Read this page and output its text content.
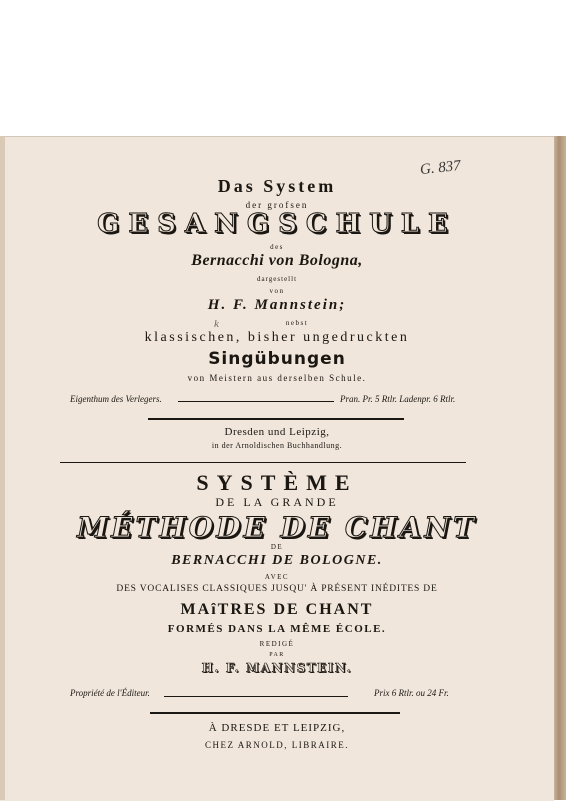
G. 837
Das System
der grofsen
GESANGSCHULE
des
Bernacchi von Bologna,
dargestellt
von
H. F. Mannstein;
k	nebst
klassischen, bisher ungedruckten
Singübungen
von Meistern aus derselben Schule.
Eigenthum des Verlegers.	Pran. Pr. 5 Rtlr. Ladenpr. 6 Rtlr.
Dresden und Leipzig,
in der Arnoldischen Buchhandlung.
SYSTÈME
DE LA GRANDE
MÉTHODE DE CHANT
DE
BERNACCHI DE BOLOGNE.
AVEC
DES VOCALISES CLASSIQUES JUSQU' À PRÉSENT INÉDITES DE
MAîTRES DE CHANT
FORMÉS DANS LA MÊME ÉCOLE.
REDIGÉ
PAR
H. F. MANNSTEIN.
Propriété de l'Éditeur.	Prix 6 Rtlr. ou 24 Fr.
À DRESDE ET LEIPZIG,
CHEZ ARNOLD, LIBRAIRE.
